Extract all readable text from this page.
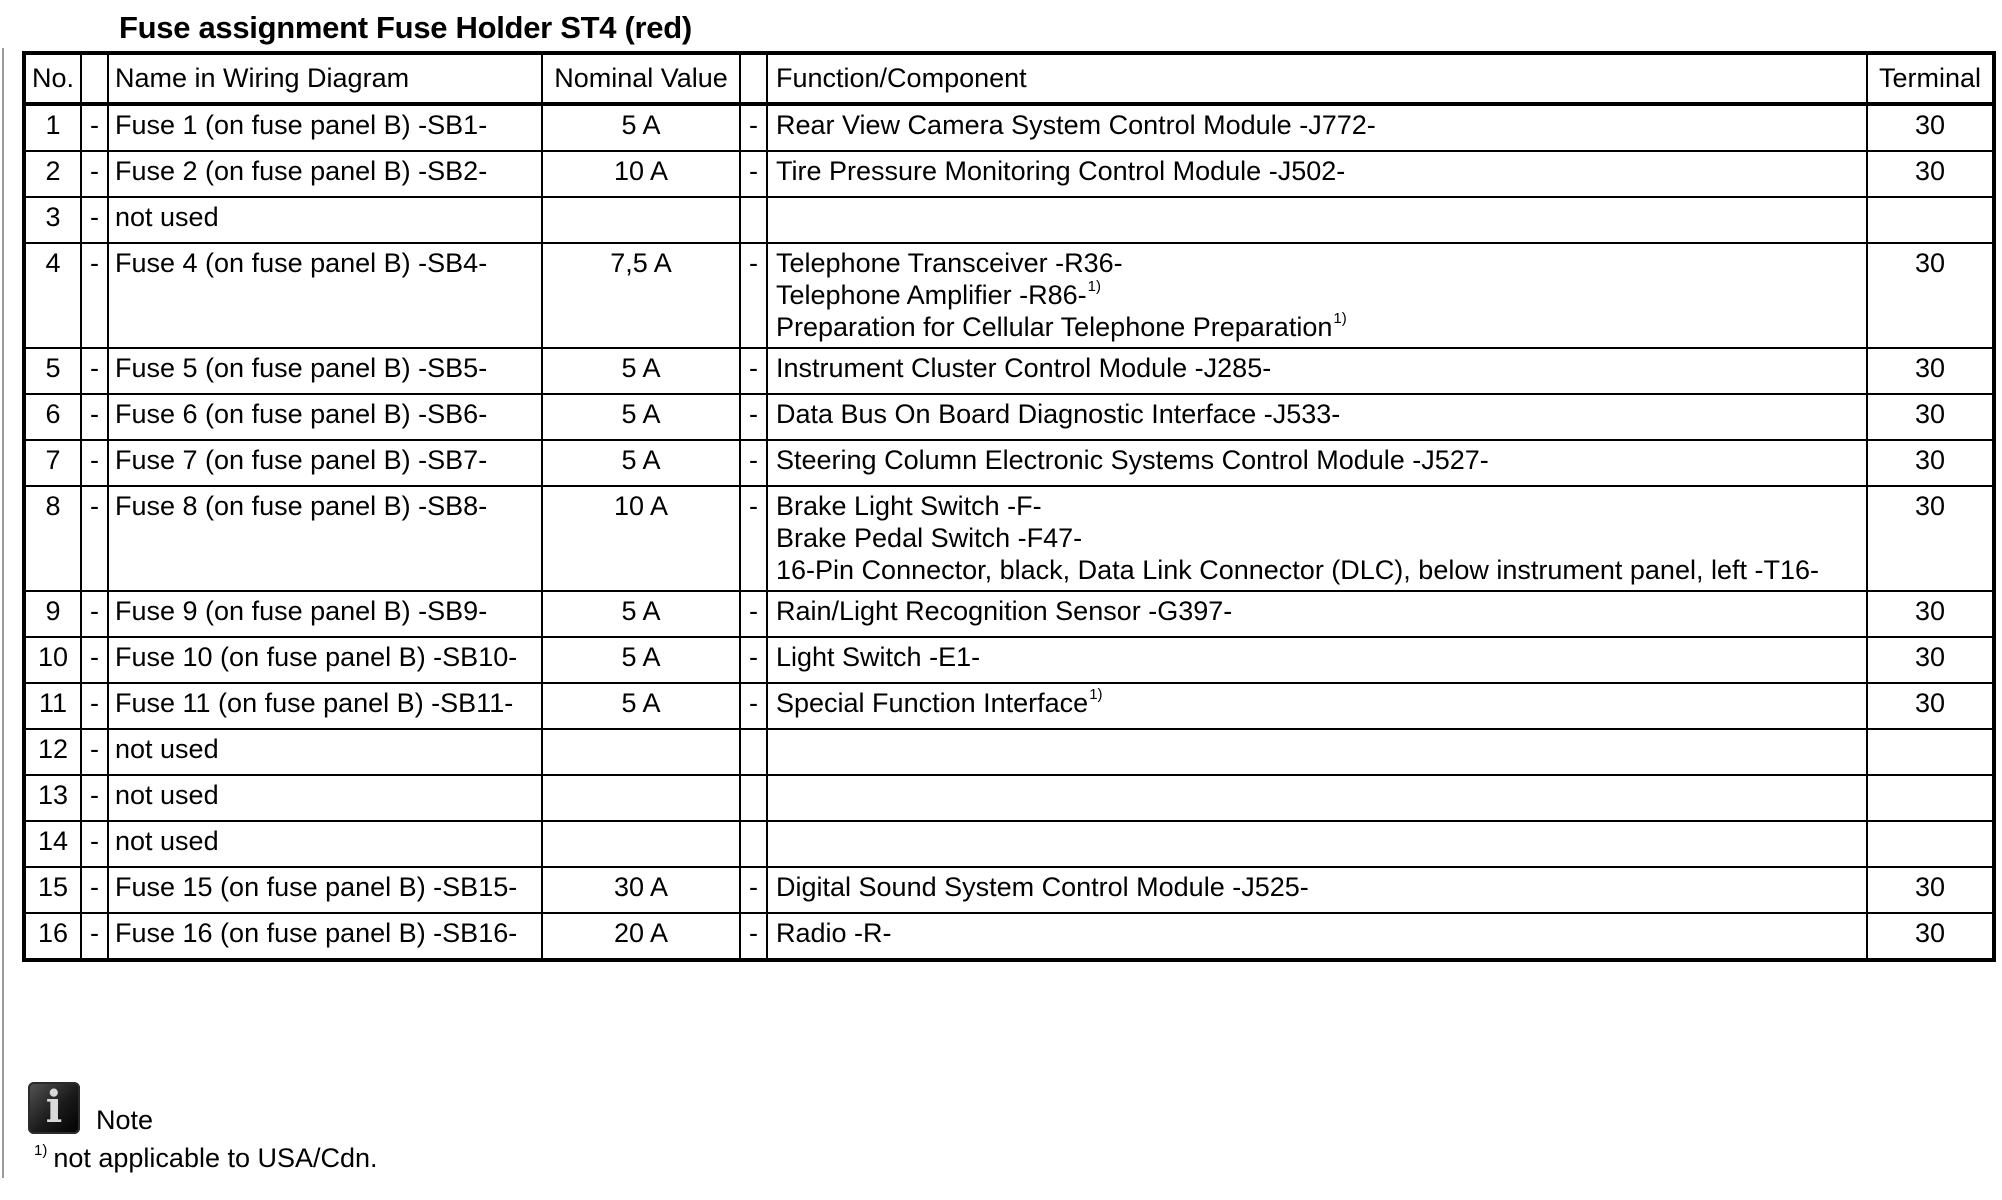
Fuse assignment Fuse Holder ST4 (red)
No.		Name in Wiring Diagram	Nominal Value		Function/Component	Terminal
1	-	Fuse 1 (on fuse panel B) -SB1-	5 A	-	Rear View Camera System Control Module -J772-	30
2	-	Fuse 2 (on fuse panel B) -SB2-	10 A	-	Tire Pressure Monitoring Control Module -J502-	30
3	-	not used				
4	-	Fuse 4 (on fuse panel B) -SB4-	7,5 A	-	Telephone Transceiver -R36-
Telephone Amplifier -R86-$^{1)}$
Preparation for Cellular Telephone Preparation$^{1)}$	30
5	-	Fuse 5 (on fuse panel B) -SB5-	5 A	-	Instrument Cluster Control Module -J285-	30
6	-	Fuse 6 (on fuse panel B) -SB6-	5 A	-	Data Bus On Board Diagnostic Interface -J533-	30
7	-	Fuse 7 (on fuse panel B) -SB7-	5 A	-	Steering Column Electronic Systems Control Module -J527-	30
8	-	Fuse 8 (on fuse panel B) -SB8-	10 A	-	Brake Light Switch -F-
Brake Pedal Switch -F47-
16-Pin Connector, black, Data Link Connector (DLC), below instrument panel, left -T16-	30
9	-	Fuse 9 (on fuse panel B) -SB9-	5 A	-	Rain/Light Recognition Sensor -G397-	30
10	-	Fuse 10 (on fuse panel B) -SB10-	5 A	-	Light Switch -E1-	30
11	-	Fuse 11 (on fuse panel B) -SB11-	5 A	-	Special Function Interface$^{1)}$	30
12	-	not used				
13	-	not used				
14	-	not used				
15	-	Fuse 15 (on fuse panel B) -SB15-	30 A	-	Digital Sound System Control Module -J525-	30
16	-	Fuse 16 (on fuse panel B) -SB16-	20 A	-	Radio -R-	30
i	Note
$^{1)}$ not applicable to USA/Cdn.
